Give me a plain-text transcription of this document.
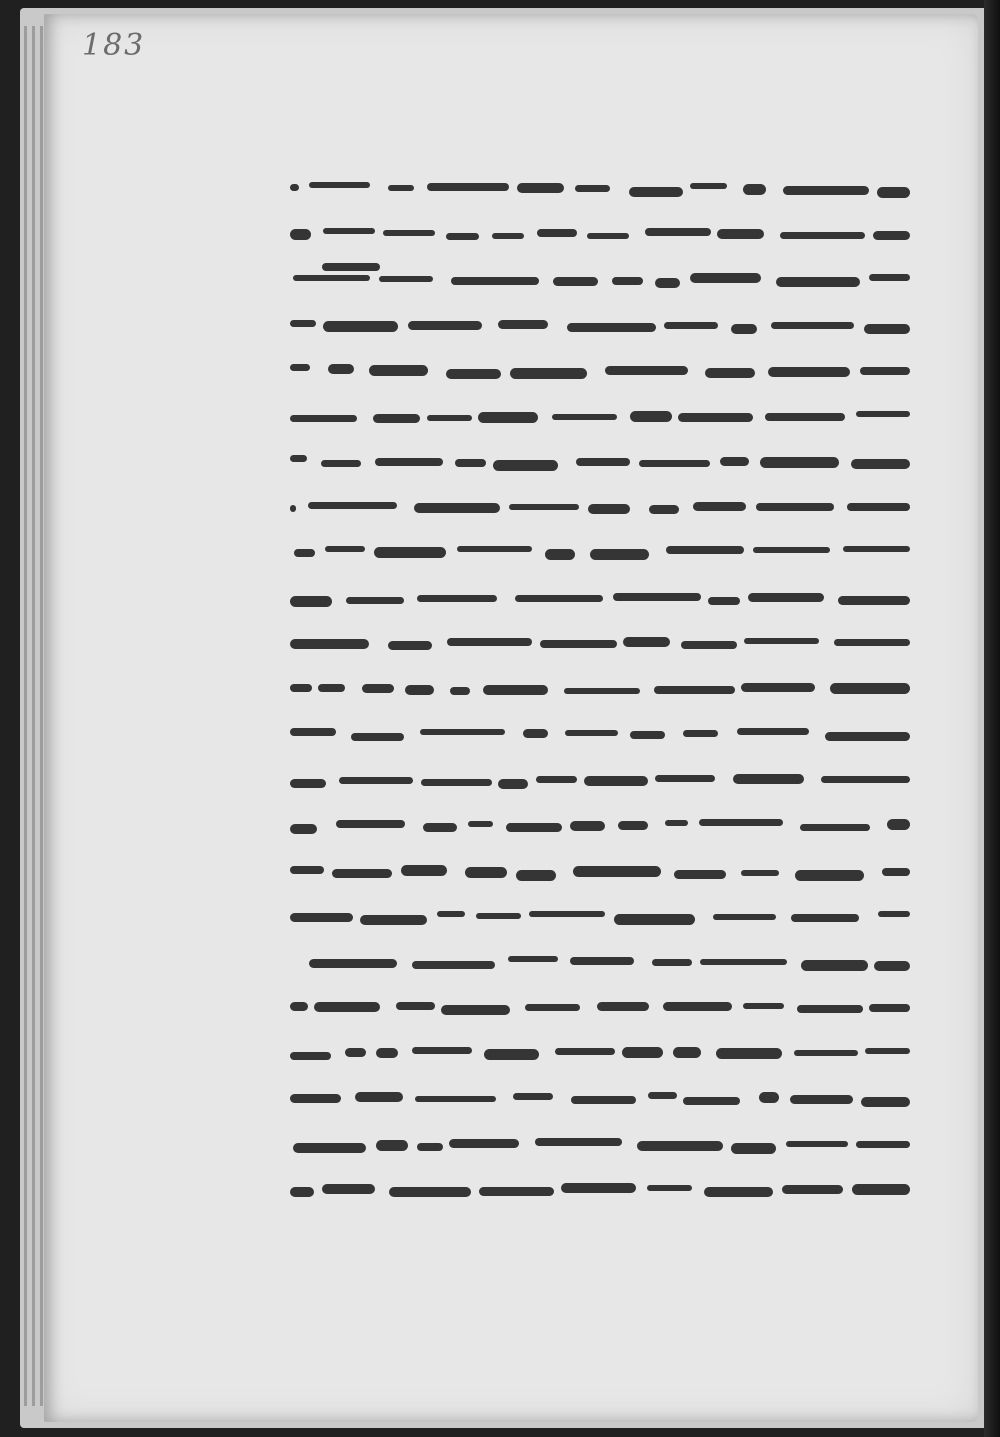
183
